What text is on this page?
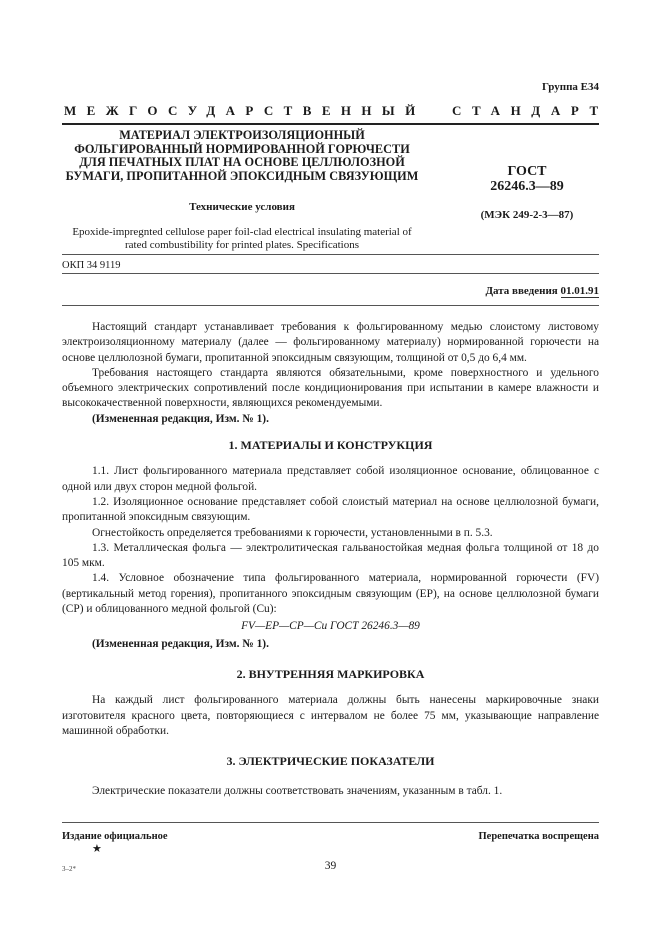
Группа Е34
МЕЖГОСУДАРСТВЕННЫЙ СТАНДАРТ
МАТЕРИАЛ ЭЛЕКТРОИЗОЛЯЦИОННЫЙ ФОЛЬГИРОВАННЫЙ НОРМИРОВАННОЙ ГОРЮЧЕСТИ ДЛЯ ПЕЧАТНЫХ ПЛАТ НА ОСНОВЕ ЦЕЛЛЮЛОЗНОЙ БУМАГИ, ПРОПИТАННОЙ ЭПОКСИДНЫМ СВЯЗУЮЩИМ
Технические условия
Epoxide-impregnted cellulose paper foil-clad electrical insulating material of rated combustibility for printed plates. Specifications
ГОСТ
26246.3—89
(МЭК 249-2-3—87)
ОКП 34 9119
Дата введения 01.01.91

Настоящий стандарт устанавливает требования к фольгированному медью слоистому листовому электроизоляционному материалу (далее — фольгированному материалу) нормированной горючести на основе целлюлозной бумаги, пропитанной эпоксидным связующим, толщиной от 0,5 до 6,4 мм.

Требования настоящего стандарта являются обязательными, кроме поверхностного и удельного объемного электрических сопротивлений после кондиционирования при испытании в камере влажности и высококачественной поверхности, являющихся рекомендуемыми.

(Измененная редакция, Изм. № 1).

1. МАТЕРИАЛЫ И КОНСТРУКЦИЯ

1.1. Лист фольгированного материала представляет собой изоляционное основание, облицованное с одной или двух сторон медной фольгой.

1.2. Изоляционное основание представляет собой слоистый материал на основе целлюлозной бумаги, пропитанной эпоксидным связующим.

Огнестойкость определяется требованиями к горючести, установленными в п. 5.3.

1.3. Металлическая фольга — электролитическая гальваностойкая медная фольга толщиной от 18 до 105 мкм.

1.4. Условное обозначение типа фольгированного материала, нормированной горючести (FV) (вертикальный метод горения), пропитанного эпоксидным связующим (ЕР), на основе целлюлозной бумаги (СР) и облицованного медной фольгой (Сu):

FV—EP—CP—Cu ГОСТ 26246.3—89

(Измененная редакция, Изм. № 1).

2. ВНУТРЕННЯЯ МАРКИРОВКА

На каждый лист фольгированного материала должны быть нанесены маркировочные знаки изготовителя красного цвета, повторяющиеся с интервалом не более 75 мм, указывающие направление машинной обработки.

3. ЭЛЕКТРИЧЕСКИЕ ПОКАЗАТЕЛИ

Электрические показатели должны соответствовать значениям, указанным в табл. 1.

Издание официальное
★
Перепечатка воспрещена
3–2*	39
